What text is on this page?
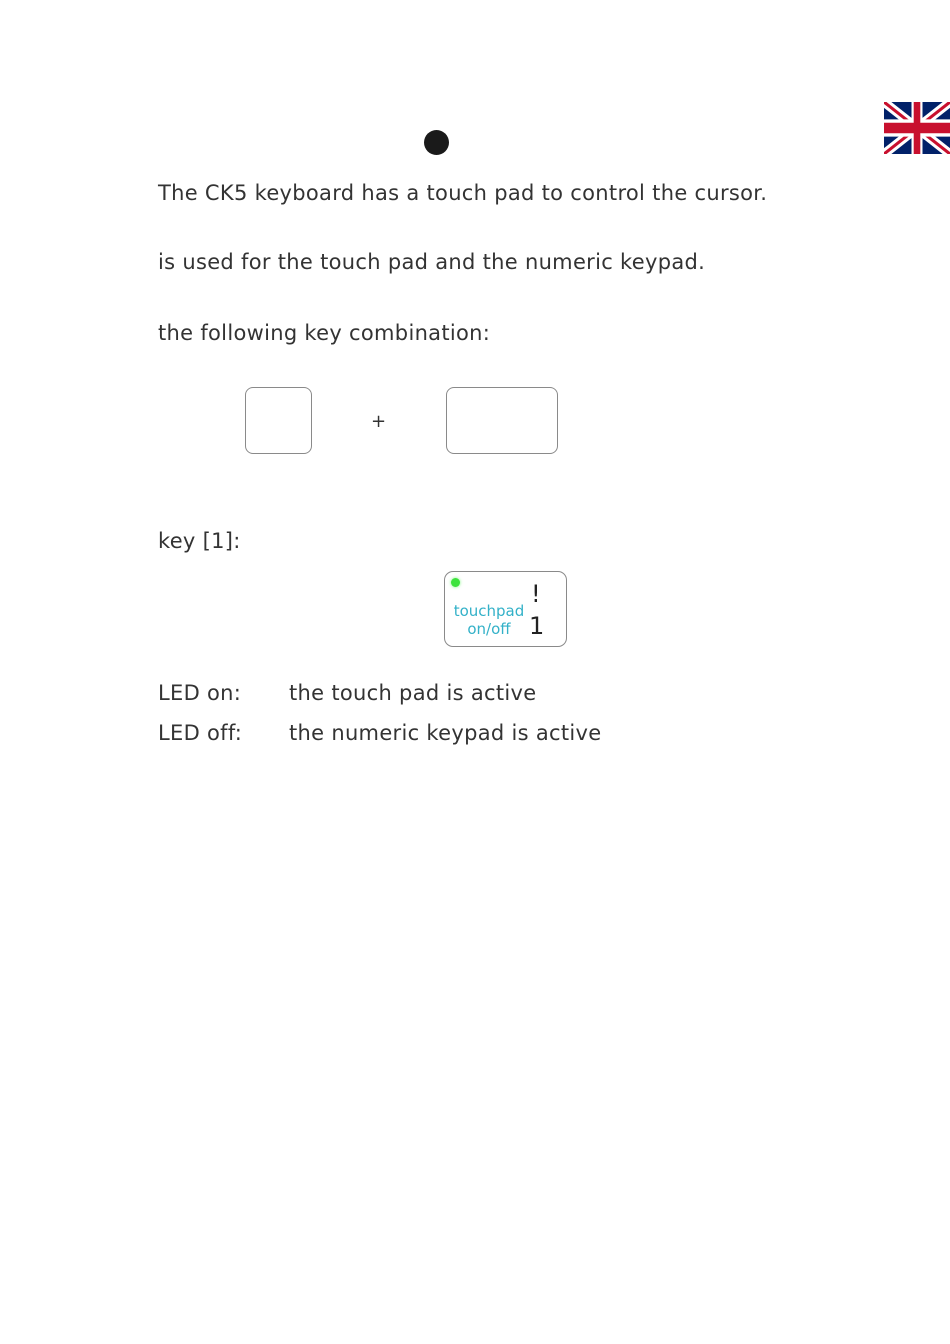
The CK5 keyboard has a touch pad to control the cursor.
is used for the touch pad and the numeric keypad.
the following key combination:
+
key [1]:
touchpad
on/off
!
1
LED on: the touch pad is active
LED off: the numeric keypad is active
